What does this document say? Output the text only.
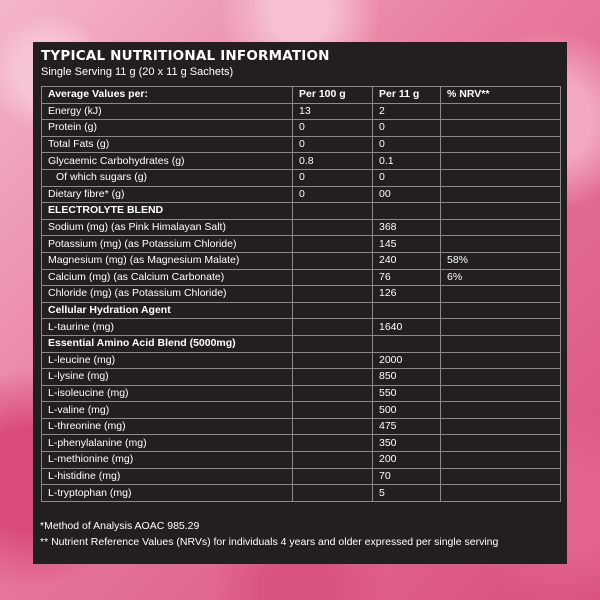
TYPICAL NUTRITIONAL INFORMATION
Single Serving 11 g (20 x 11 g Sachets)
Average Values per:	Per 100 g	Per 11 g	% NRV**
Energy (kJ)	13	2	
Protein (g)	0	0	
Total Fats (g)	0	0	
Glycaemic Carbohydrates (g)	0.8	0.1	
Of which sugars (g)	0	0	
Dietary fibre* (g)	0	00	
ELECTROLYTE BLEND			
Sodium (mg) (as Pink Himalayan Salt)		368	
Potassium (mg) (as Potassium Chloride)		145	
Magnesium (mg) (as Magnesium Malate)		240	58%
Calcium (mg) (as Calcium Carbonate)		76	6%
Chloride (mg) (as Potassium Chloride)		126	
Cellular Hydration Agent			
L-taurine (mg)		1640	
Essential Amino Acid Blend (5000mg)			
L-leucine (mg)		2000	
L-lysine (mg)		850	
L-isoleucine (mg)		550	
L-valine (mg)		500	
L-threonine (mg)		475	
L-phenylalanine (mg)		350	
L-methionine (mg)		200	
L-histidine (mg)		70	
L-tryptophan (mg)		5	
*Method of Analysis AOAC 985.29
** Nutrient Reference Values (NRVs) for individuals 4 years and older expressed per single serving
